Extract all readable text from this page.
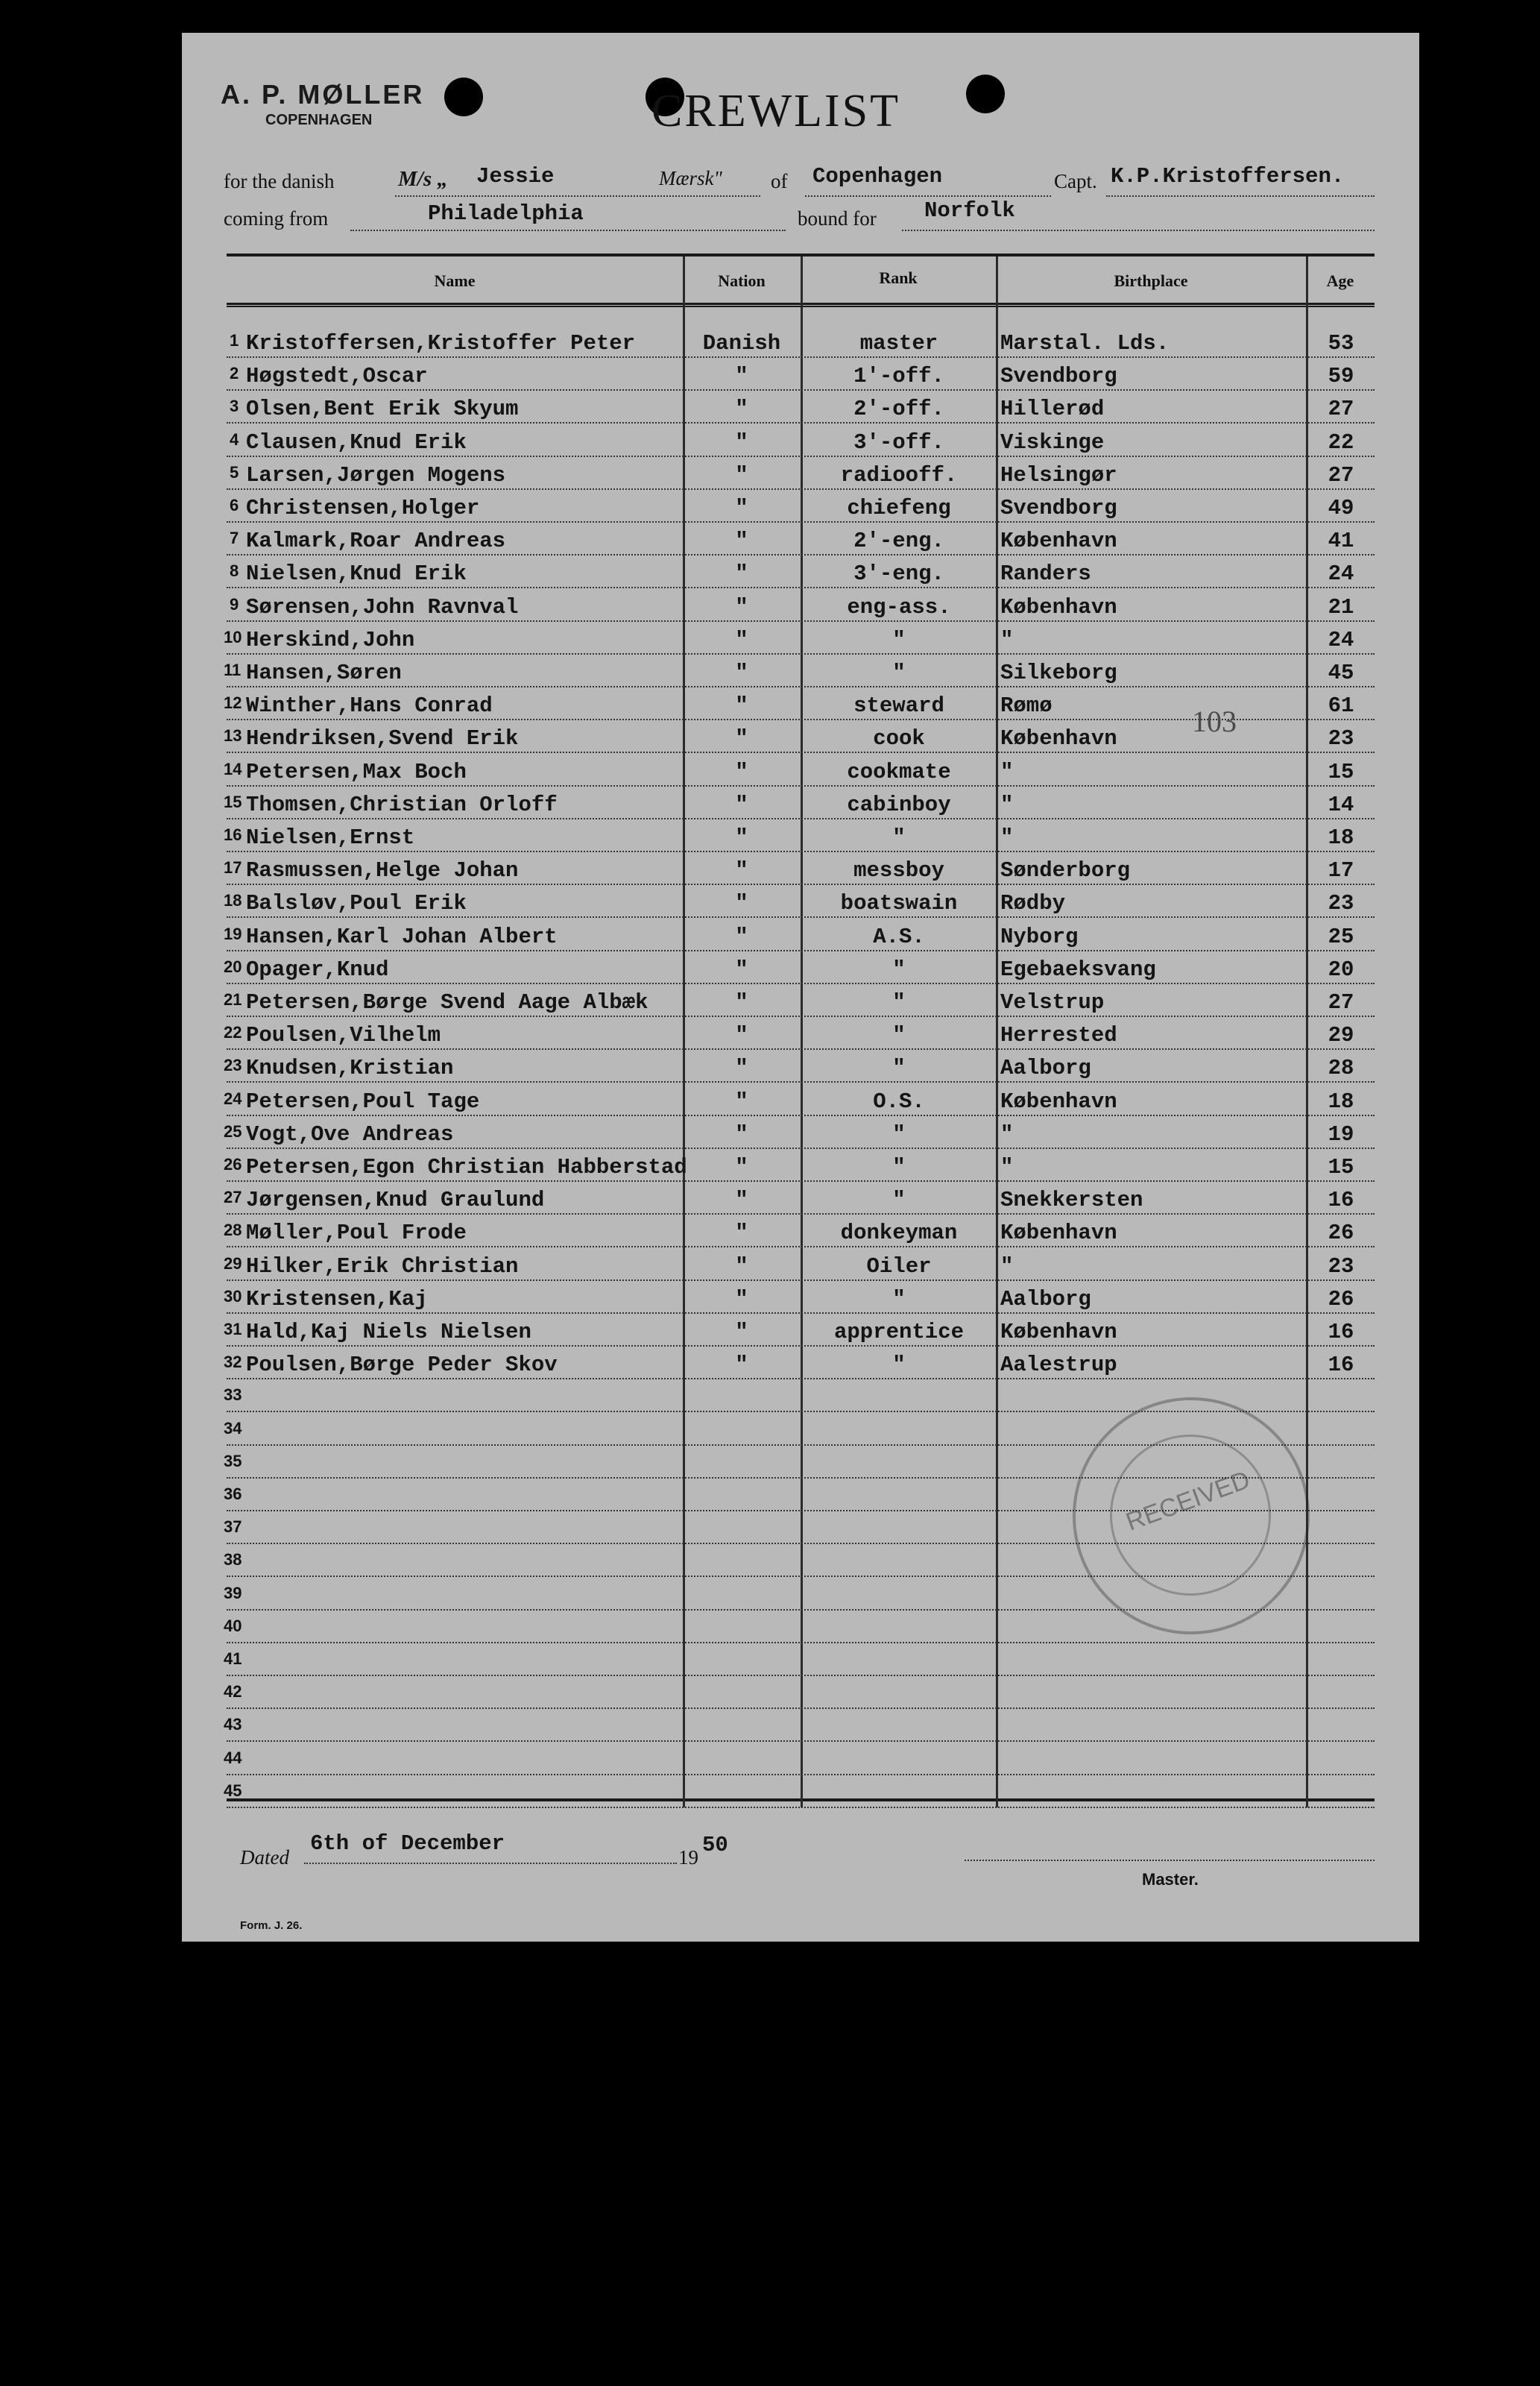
A. P. MØLLER
COPENHAGEN	CREWLIST
for the danish	M/s „ Jessie	Mærsk" of Copenhagen	Capt. K.P.Kristoffersen.
coming from	Philadelphia	bound for Norfolk
Name	Nation	Rank	Birthplace	Age
1 Kristoffersen,Kristoffer Peter	Danish	master	Marstal. Lds.	53
2 Høgstedt,Oscar	"	1'-off.	Svendborg	59
3 Olsen,Bent Erik Skyum	"	2'-off.	Hillerød	27
4 Clausen,Knud Erik	"	3'-off.	Viskinge	22
5 Larsen,Jørgen Mogens	"	radiooff.	Helsingør	27
6 Christensen,Holger	"	chiefeng	Svendborg	49
7 Kalmark,Roar Andreas	"	2'-eng.	København	41
8 Nielsen,Knud Erik	"	3'-eng.	Randers	24
9 Sørensen,John Ravnval	"	eng-ass.	København	21
10 Herskind,John	"	"	"	24
11 Hansen,Søren	"	"	Silkeborg	45
12 Winther,Hans Conrad	"	steward	Rømø	61
13 Hendriksen,Svend Erik	"	cook	København	23
14 Petersen,Max Boch	"	cookmate	"	15
15 Thomsen,Christian Orloff	"	cabinboy	"	14
16 Nielsen,Ernst	"	"	"	18
17 Rasmussen,Helge Johan	"	messboy	Sønderborg	17
18 Balsløv,Poul Erik	"	boatswain	Rødby	23
19 Hansen,Karl Johan Albert	"	A.S.	Nyborg	25
20 Opager,Knud	"	"	Egebaeksvang	20
21 Petersen,Børge Svend Aage Albæk	"	"	Velstrup	27
22 Poulsen,Vilhelm	"	"	Herrested	29
23 Knudsen,Kristian	"	"	Aalborg	28
24 Petersen,Poul Tage	"	O.S.	København	18
25 Vogt,Ove Andreas	"	"	"	19
26 Petersen,Egon Christian Habberstad	"	"	"	15
27 Jørgensen,Knud Graulund	"	"	Snekkersten	16
28 Møller,Poul Frode	"	donkeyman	København	26
29 Hilker,Erik Christian	"	Oiler	"	23
30 Kristensen,Kaj	"	"	Aalborg	26
31 Hald,Kaj Niels Nielsen	"	apprentice	København	16
32 Poulsen,Børge Peder Skov	"	"	Aalestrup	16
33
34
35
36
37
38
39
40
41
42
43
44
45
103
RECEIVED
Dated
6th of December
19 50
Master.
Form. J. 26.
